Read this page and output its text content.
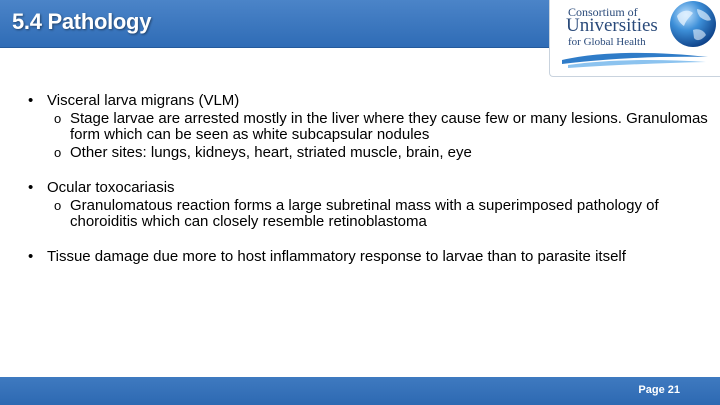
5.4 Pathology	Consortium of
Universities
for Global Health
• Visceral larva migrans (VLM)
o Stage larvae are arrested mostly in the liver where they cause few or many lesions. Granulomas form which can be seen as white subcapsular nodules
o Other sites: lungs, kidneys, heart, striated muscle, brain, eye
• Ocular toxocariasis
o Granulomatous reaction forms a large subretinal mass with a superimposed pathology of choroiditis which can closely resemble retinoblastoma
• Tissue damage due more to host inflammatory response to larvae than to parasite itself
Page 21
